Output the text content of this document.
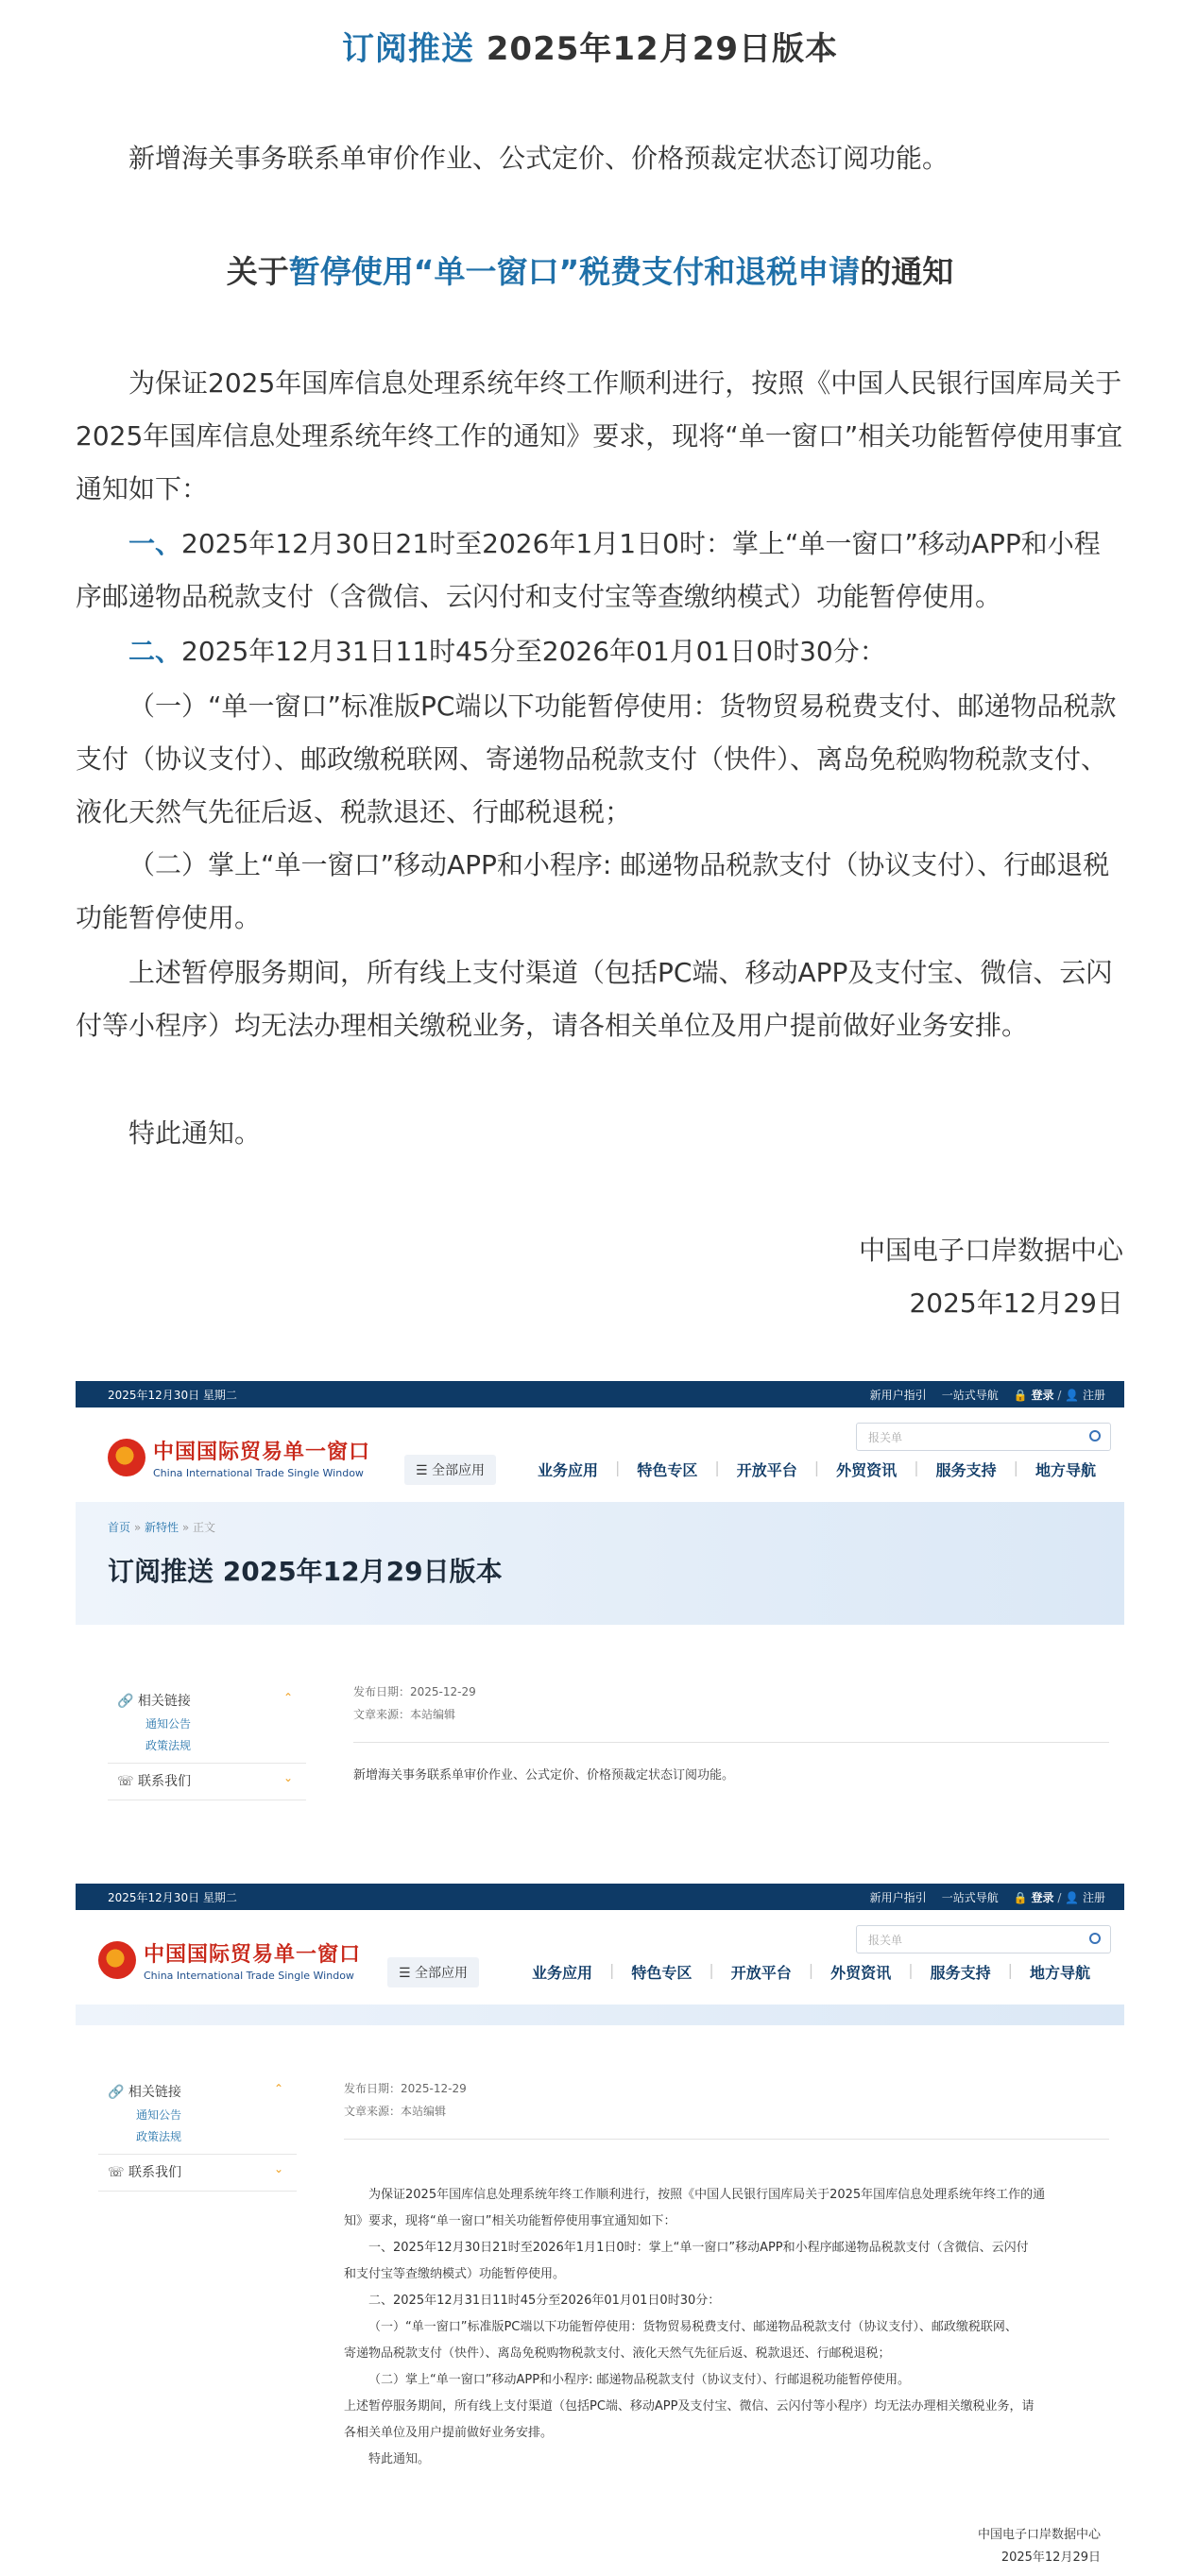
订阅推送 2025年12月29日版本
新增海关事务联系单审价作业、公式定价、价格预裁定状态订阅功能。
关于暂停使用“单一窗口”税费支付和退税申请的通知
为保证2025年国库信息处理系统年终工作顺利进行，按照《中国人民银行国库局关于2025年国库信息处理系统年终工作的通知》要求，现将“单一窗口”相关功能暂停使用事宜通知如下：
一、2025年12月30日21时至2026年1月1日0时：掌上“单一窗口”移动APP和小程序邮递物品税款支付（含微信、云闪付和支付宝等查缴纳模式）功能暂停使用。
二、2025年12月31日11时45分至2026年01月01日0时30分：
（一）“单一窗口”标准版PC端以下功能暂停使用：货物贸易税费支付、邮递物品税款支付（协议支付）、邮政缴税联网、寄递物品税款支付（快件）、离岛免税购物税款支付、液化天然气先征后返、税款退还、行邮税退税；
（二）掌上“单一窗口”移动APP和小程序: 邮递物品税款支付（协议支付）、行邮退税功能暂停使用。
上述暂停服务期间，所有线上支付渠道（包括PC端、移动APP及支付宝、微信、云闪付等小程序）均无法办理相关缴税业务，请各相关单位及用户提前做好业务安排。
特此通知。
中国电子口岸数据中心
2025年12月29日
2025年12月30日 星期二	新用户指引 一站式导航 🔒 登录 / 👤 注册
中国国际贸易单一窗口
China International Trade Single Window	☰ 全部应用
报关单
业务应用 | 特色专区 | 开放平台 | 外贸资讯 | 服务支持 | 地方导航
首页 » 新特性 » 正文
订阅推送 2025年12月29日版本
🔗 相关链接	⌃
通知公告
政策法规
☏ 联系我们	⌄
发布日期：2025-12-29
文章来源：本站编辑
新增海关事务联系单审价作业、公式定价、价格预裁定状态订阅功能。
2025年12月30日 星期二	新用户指引 一站式导航 🔒 登录 / 👤 注册
中国国际贸易单一窗口
China International Trade Single Window	☰ 全部应用
报关单
业务应用 | 特色专区 | 开放平台 | 外贸资讯 | 服务支持 | 地方导航
🔗 相关链接	⌃
通知公告
政策法规
☏ 联系我们	⌄
发布日期：2025-12-29
文章来源：本站编辑
为保证2025年国库信息处理系统年终工作顺利进行，按照《中国人民银行国库局关于2025年国库信息处理系统年终工作的通
知》要求，现将“单一窗口”相关功能暂停使用事宜通知如下：
一、2025年12月30日21时至2026年1月1日0时：掌上“单一窗口”移动APP和小程序邮递物品税款支付（含微信、云闪付
和支付宝等查缴纳模式）功能暂停使用。
二、2025年12月31日11时45分至2026年01月01日0时30分：
（一）“单一窗口”标准版PC端以下功能暂停使用：货物贸易税费支付、邮递物品税款支付（协议支付）、邮政缴税联网、
寄递物品税款支付（快件）、离岛免税购物税款支付、液化天然气先征后返、税款退还、行邮税退税；
（二）掌上“单一窗口”移动APP和小程序: 邮递物品税款支付（协议支付）、行邮退税功能暂停使用。
上述暂停服务期间，所有线上支付渠道（包括PC端、移动APP及支付宝、微信、云闪付等小程序）均无法办理相关缴税业务，请
各相关单位及用户提前做好业务安排。
特此通知。
中国电子口岸数据中心
2025年12月29日
